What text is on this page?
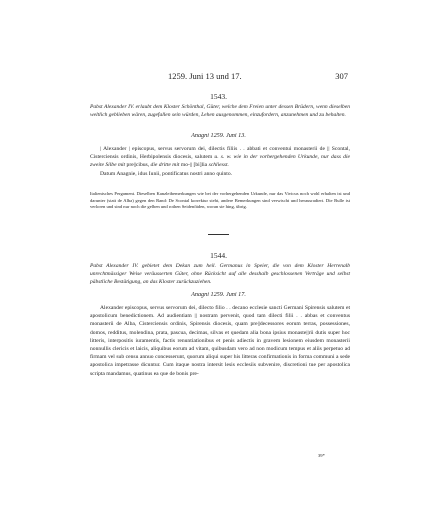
1259. Juni 13 und 17.	307
1543.
Pabst Alexander IV. erlaubt dem Kloster Schönthal, Güter, welche dem Freien unter dessen Brüdern, wenn dieselben weltlich geblieben wären, zugefallen sein würden, Lehen ausgenommen, einzufordern, anzunehmen und zu behalten.
Anagni 1259. Juni 13.

| Alexander | episcopus, servus servorum dei, dilectis filiis . . abbati et conventui monasterii de || Scontal, Cisterciensis ordinis, Herbipolensis diocesis, salutem u. s. w. wie in der vorhergehenden Urkunde, nur dass die zweite Silbe mit pre||cibus, die dritte mit mo-|| [bi]lia schliesst.

Datum Anagnie, idus Iunii, pontificatus nostri anno quinto.

Italienisches Pergament. Dieselben Kanzleibemerkungen wie bei der vorhergehenden Urkunde, nur das Vivicus noch wohl erhalten ist und darunter (statt de Alba) gegen den Rand: De Scontal korrektur steht, andere Bemerkungen sind verwischt und herausradiert. Die Bulle ist verloren und sind nur noch die gelben und rothen Seidenfäden, woran sie hing, übrig.
1544.
Pabst Alexander IV. gebietet dem Dekan zum heil. Germanus in Speier, die von dem Kloster Herrenalb unrechtmässiger Weise veräusserten Güter, ohne Rücksicht auf alle desshalb geschlossenen Verträge und selbst päbstliche Bestätigung, an das Kloster zurückzuziehen.
Anagni 1259. Juni 17.

Alexander episcopus, servus servorum dei, dilecto filio . . decano ecclesie sancti Germani Spirensis salutem et apostolicum benedictionem. Ad audientiam || nostram pervenit, quod tam dilecti filii . . abbas et conventus monasterii de Alba, Cisterciensis ordinis, Spirensis diocesis, quam pre||decessores eorum terras, possessiones, domos, redditus, molendina, prata, pascua, decimas, silvas et quedam alia bona ipsius monaste||rii dutis super hoc litteris, interpositis iuramentis, factis renuntiationibus et penis adiectis in gravem lesionem eiusdem monasterii nonnullis clericis et laicis, aliquibus eorum ad vitam, quibusdam vero ad non modicum tempus et aliis perpetuo ad firmam vel sub censu annuo concesserunt, quorum aliqui super his litteras confirmationis in forma communi a sede apostolica impetrasse dicuntur. Cum itaque nostra intersit lesis ecclesiis subvenire, discretioni tue per apostolica scripta mandamus, quatinus ea que de bonis pre-

39*
